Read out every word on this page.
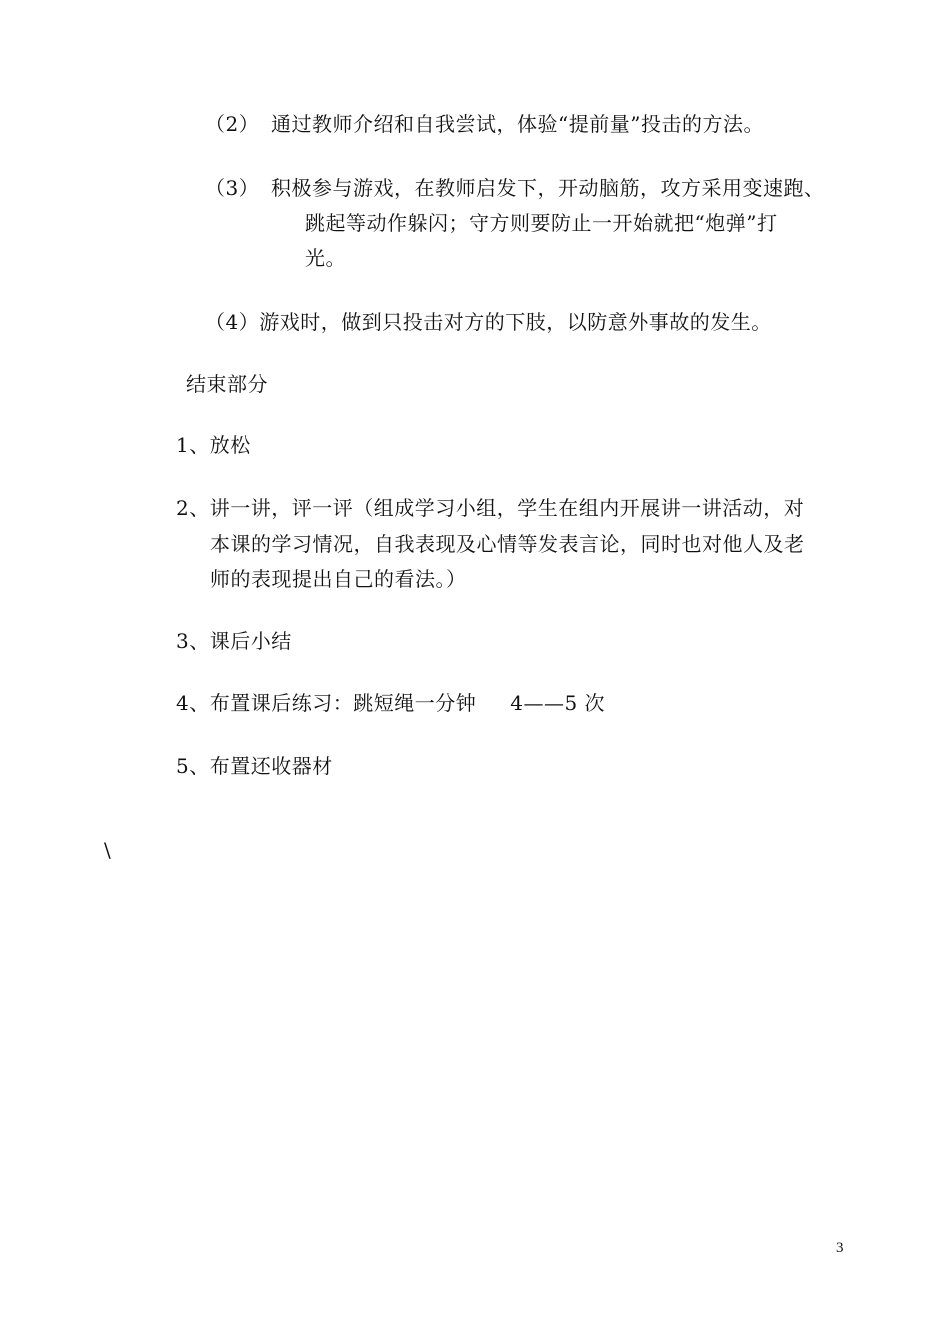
（2） 通过教师介绍和自我尝试，体验“提前量”投击的方法。
（3） 积极参与游戏，在教师启发下，开动脑筋，攻方采用变速跑、
跳起等动作躲闪；守方则要防止一开始就把“炮弹”打
光。
（4）游戏时，做到只投击对方的下肢，以防意外事故的发生。
结束部分
1、放松
2、讲一讲，评一评（组成学习小组，学生在组内开展讲一讲活动，对
本课的学习情况，自我表现及心情等发表言论，同时也对他人及老
师的表现提出自己的看法。）
3、课后小结
4、布置课后练习：跳短绳一分钟 4——5 次
5、布置还收器材
\
3
